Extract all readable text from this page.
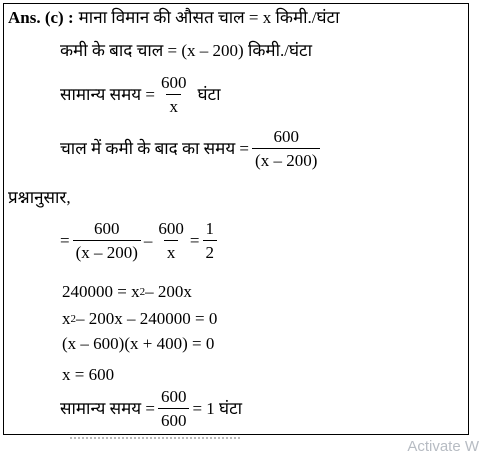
Ans. (c) : माना विमान की औसत चाल = x किमी./घंटा
कमी के बाद चाल = (x – 200) किमी./घंटा
सामान्य समय = $\frac{600}{x}$ घंटा
चाल में कमी के बाद का समय = $\frac{600}{(x - 200)}$
प्रश्नानुसार,
= $\frac{600}{(x - 200)} - \frac{600}{x} = \frac{1}{2}$
240000 = x 2 – 200x
x 2 – 200x – 240000 = 0
(x – 600)(x + 400) = 0
x = 600
सामान्य समय = $\frac{600}{600} = 1$ घंटा
Activate W
